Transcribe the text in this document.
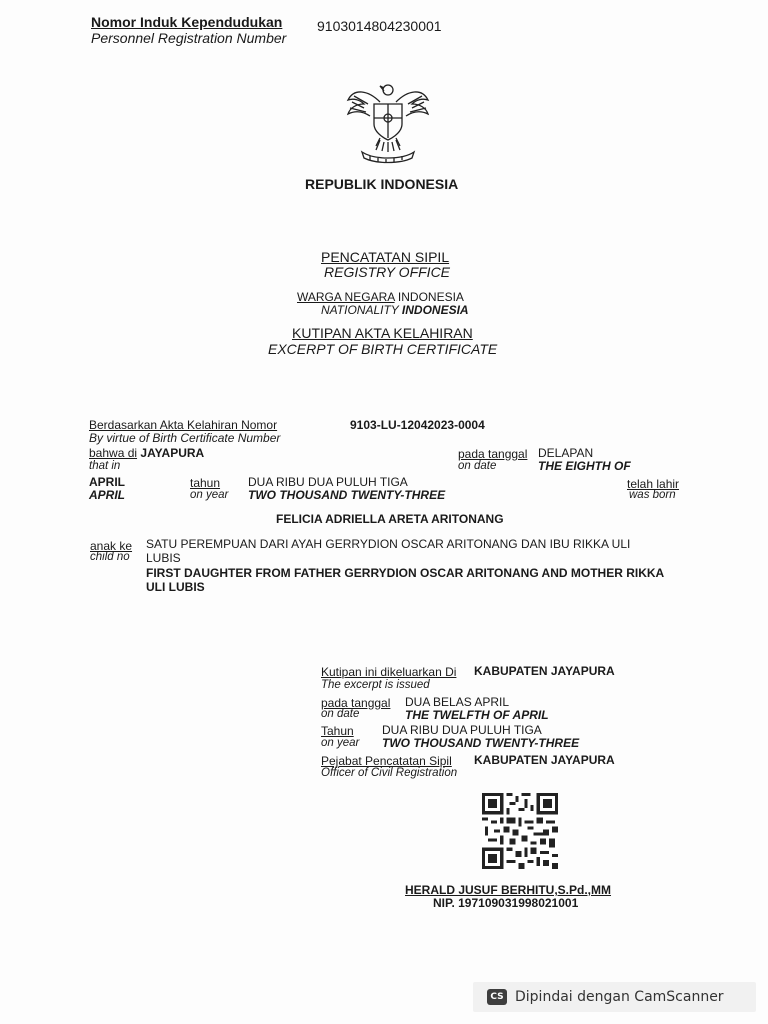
Nomor Induk Kependudukan
Personnel Registration Number
9103014804230001
REPUBLIK INDONESIA
PENCATATAN SIPIL
REGISTRY OFFICE
WARGA NEGARA INDONESIA
NATIONALITY INDONESIA
KUTIPAN AKTA KELAHIRAN
EXCERPT OF BIRTH CERTIFICATE
Berdasarkan Akta Kelahiran Nomor
By virtue of Birth Certificate Number
9103-LU-12042023-0004
bahwa di JAYAPURA
that in
pada tanggal
on date
DELAPAN
THE EIGHTH OF
APRIL
APRIL
tahun
on year
DUA RIBU DUA PULUH TIGA
TWO THOUSAND TWENTY-THREE
telah lahir
was born
FELICIA ADRIELLA ARETA ARITONANG
anak ke
child no
SATU PEREMPUAN DARI AYAH GERRYDION OSCAR ARITONANG DAN IBU RIKKA ULI
LUBIS
FIRST DAUGHTER FROM FATHER GERRYDION OSCAR ARITONANG AND MOTHER RIKKA
ULI LUBIS
Kutipan ini dikeluarkan Di
The excerpt is issued
KABUPATEN JAYAPURA
pada tanggal
on date
DUA BELAS APRIL
THE TWELFTH OF APRIL
Tahun
on year
DUA RIBU DUA PULUH TIGA
TWO THOUSAND TWENTY-THREE
Pejabat Pencatatan Sipil
Officer of Civil Registration
KABUPATEN JAYAPURA
HERALD JUSUF BERHITU,S.Pd.,MM
NIP. 197109031998021001
CS Dipindai dengan CamScanner
